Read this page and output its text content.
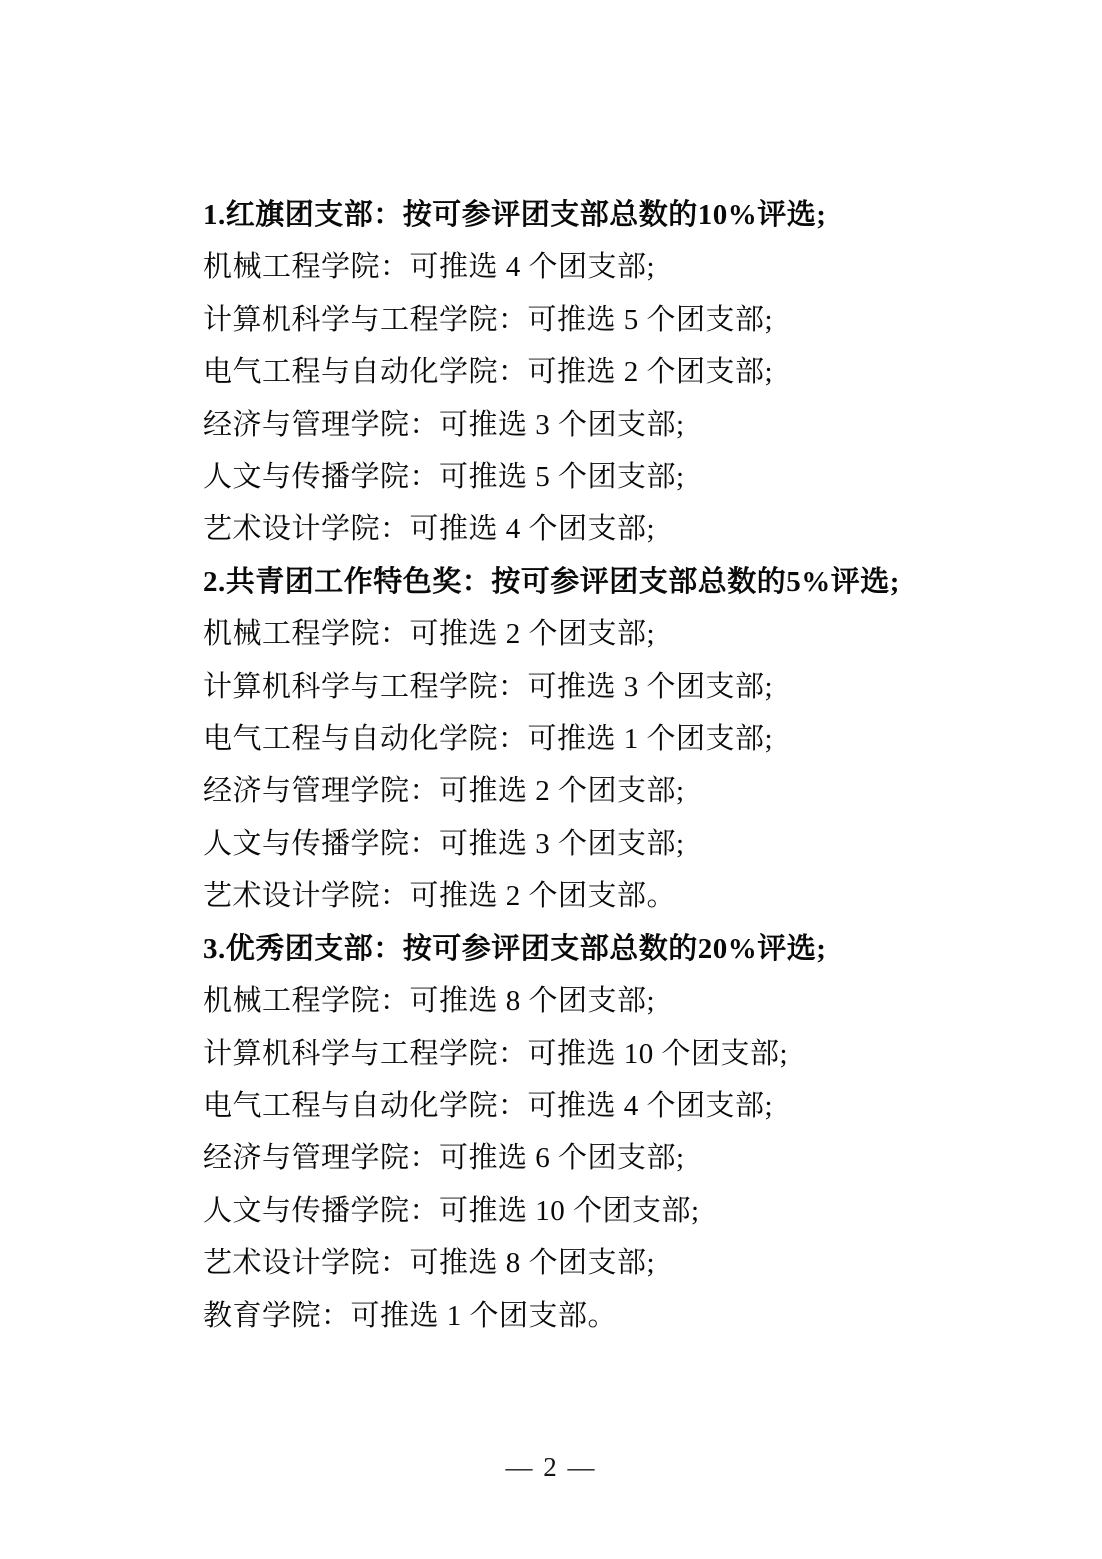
1.红旗团支部：按可参评团支部总数的10%评选;

机械工程学院：可推选 4 个团支部;

计算机科学与工程学院：可推选 5 个团支部;

电气工程与自动化学院：可推选 2 个团支部;

经济与管理学院：可推选 3 个团支部;

人文与传播学院：可推选 5 个团支部;

艺术设计学院：可推选 4 个团支部;

2.共青团工作特色奖：按可参评团支部总数的5%评选;

机械工程学院：可推选 2 个团支部;

计算机科学与工程学院：可推选 3 个团支部;

电气工程与自动化学院：可推选 1 个团支部;

经济与管理学院：可推选 2 个团支部;

人文与传播学院：可推选 3 个团支部;

艺术设计学院：可推选 2 个团支部。

3.优秀团支部：按可参评团支部总数的20%评选;

机械工程学院：可推选 8 个团支部;

计算机科学与工程学院：可推选 10 个团支部;

电气工程与自动化学院：可推选 4 个团支部;

经济与管理学院：可推选 6 个团支部;

人文与传播学院：可推选 10 个团支部;

艺术设计学院：可推选 8 个团支部;

教育学院：可推选 1 个团支部。

— 2 —
